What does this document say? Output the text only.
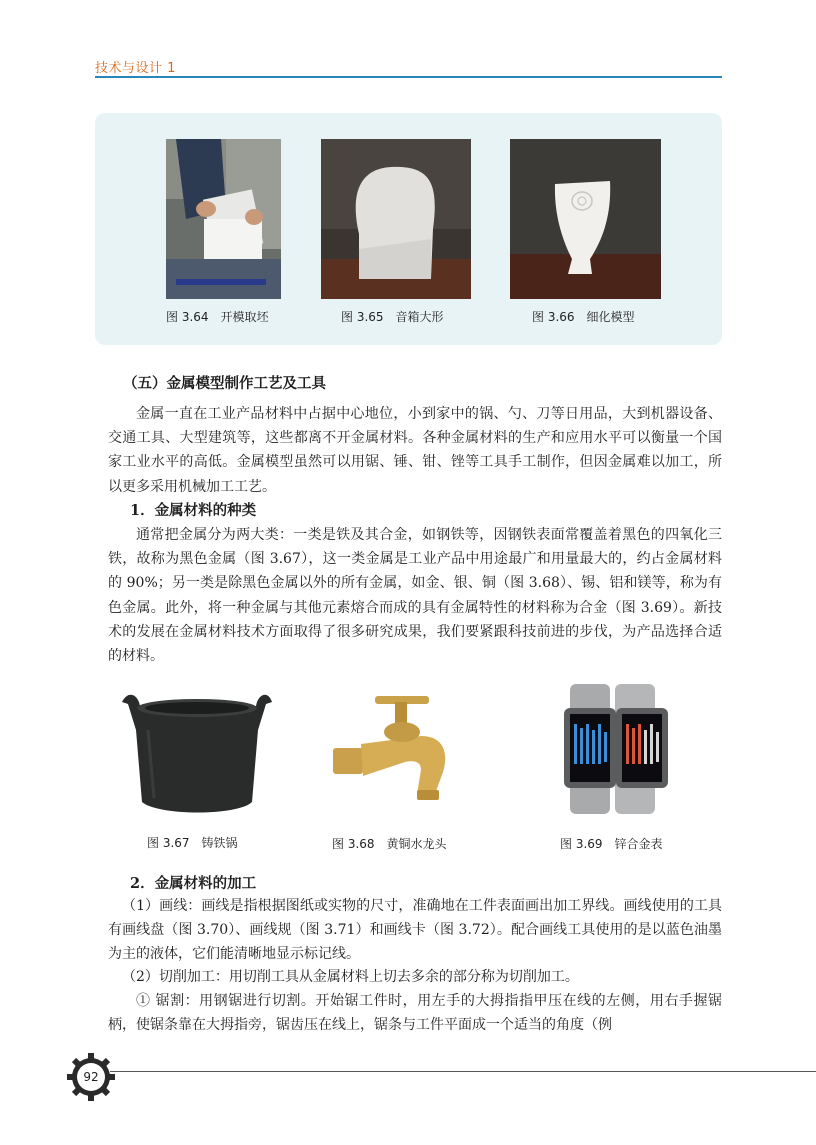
技术与设计 1
图 3.64 开模取坯	图 3.65 音箱大形	图 3.66 细化模型
（五）金属模型制作工艺及工具

金属一直在工业产品材料中占据中心地位，小到家中的锅、勺、刀等日用品，大到机器设备、交通工具、大型建筑等，这些都离不开金属材料。各种金属材料的生产和应用水平可以衡量一个国家工业水平的高低。金属模型虽然可以用锯、锤、钳、锉等工具手工制作，但因金属难以加工，所以更多采用机械加工工艺。

1．金属材料的种类

通常把金属分为两大类：一类是铁及其合金，如钢铁等，因钢铁表面常覆盖着黑色的四氧化三铁，故称为黑色金属（图 3.67），这一类金属是工业产品中用途最广和用量最大的，约占金属材料的 90%；另一类是除黑色金属以外的所有金属，如金、银、铜（图 3.68）、锡、铝和镁等，称为有色金属。此外，将一种金属与其他元素熔合而成的具有金属特性的材料称为合金（图 3.69）。新技术的发展在金属材料技术方面取得了很多研究成果，我们要紧跟科技前进的步伐，为产品选择合适的材料。

图 3.67 铸铁锅	图 3.68 黄铜水龙头	图 3.69 锌合金表
2．金属材料的加工

（1）画线：画线是指根据图纸或实物的尺寸，准确地在工件表面画出加工界线。画线使用的工具有画线盘（图 3.70）、画线规（图 3.71）和画线卡（图 3.72）。配合画线工具使用的是以蓝色油墨为主的液体，它们能清晰地显示标记线。

（2）切削加工：用切削工具从金属材料上切去多余的部分称为切削加工。

① 锯割：用钢锯进行切割。开始锯工件时，用左手的大拇指指甲压在线的左侧，用右手握锯柄，使锯条靠在大拇指旁，锯齿压在线上，锯条与工件平面成一个适当的角度（例

92
